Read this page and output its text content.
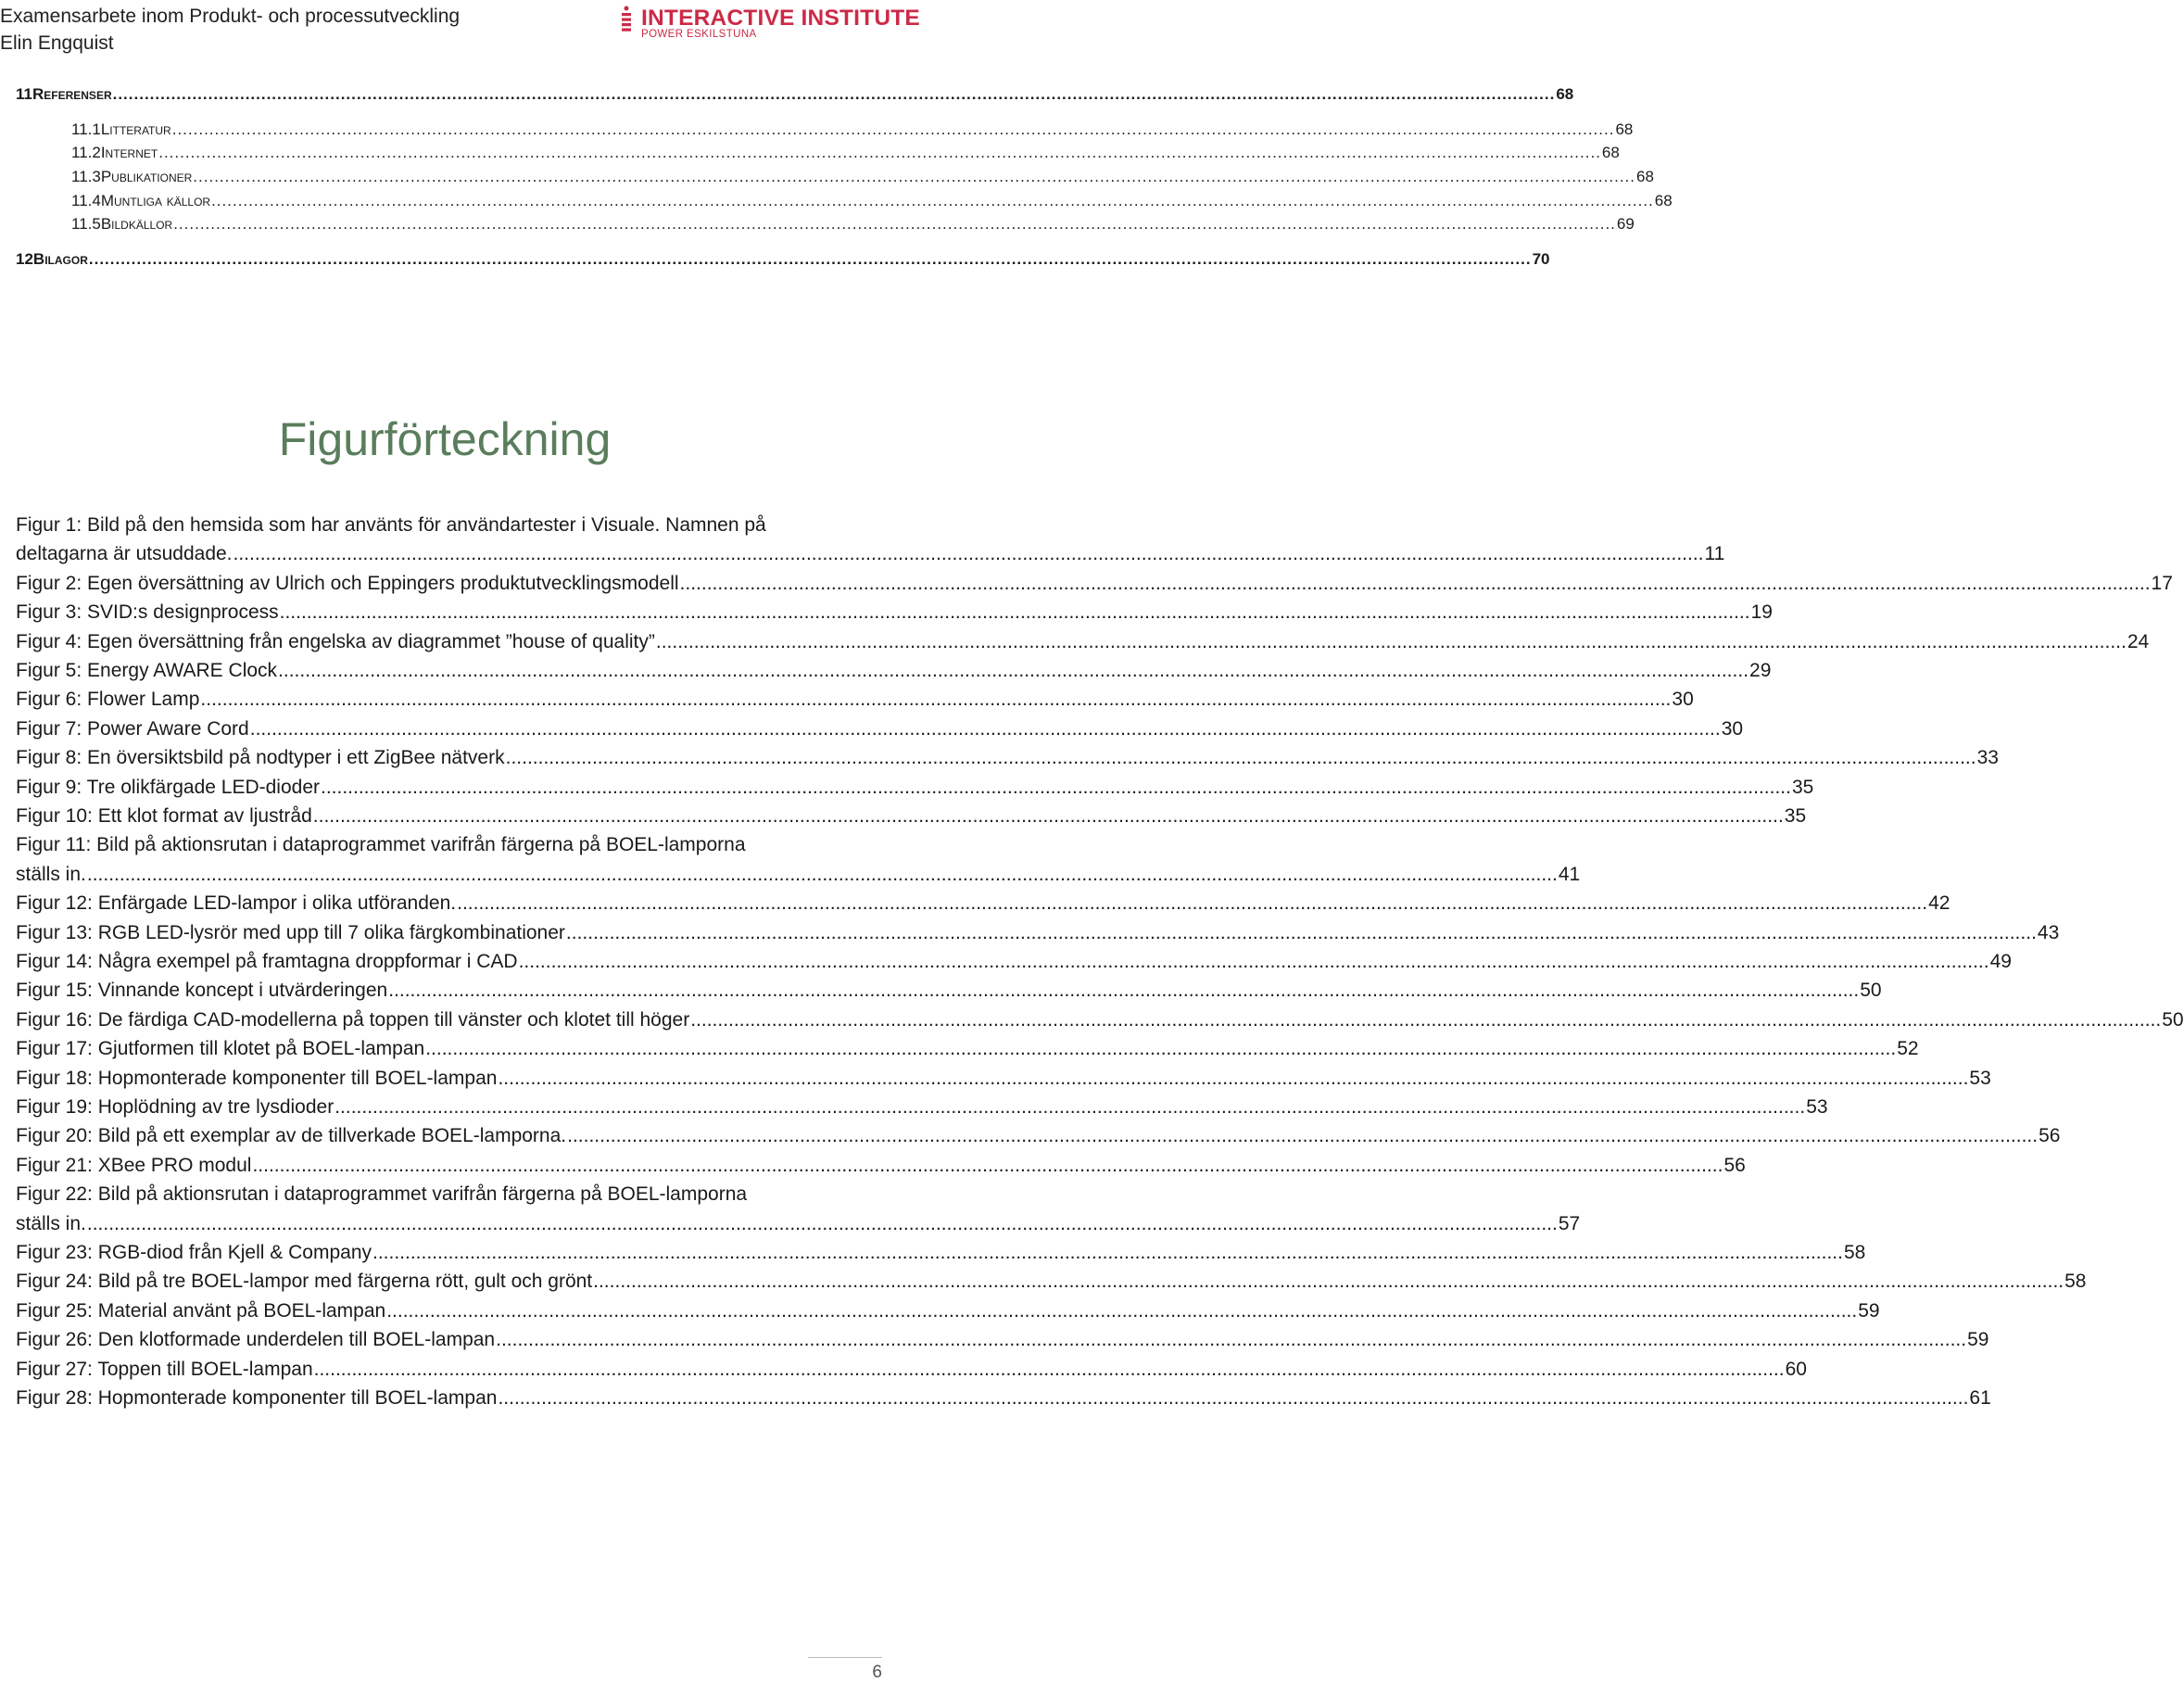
Examensarbete inom Produkt- och processutveckling
Elin Engquist
INTERACTIVE INSTITUTE
POWER ESKILSTUNA
11 Referenser .....	68
11.1 Litteratur .....	68
11.2 Internet .....	68
11.3 Publikationer .....	68
11.4 Muntliga källor .....	68
11.5 Bildkällor .....	69
12 Bilagor .....	70
Figurförteckning
Figur 1: Bild på den hemsida som har använts för användartester i Visuale. Namnen på
deltagarna är utsuddade. .....	11
Figur 2: Egen översättning av Ulrich och Eppingers produktutvecklingsmodell .....	17
Figur 3: SVID:s designprocess .....	19
Figur 4: Egen översättning från engelska av diagrammet ”house of quality” .....	24
Figur 5: Energy AWARE Clock .....	29
Figur 6: Flower Lamp .....	30
Figur 7: Power Aware Cord .....	30
Figur 8: En översiktsbild på nodtyper i ett ZigBee nätverk .....	33
Figur 9: Tre olikfärgade LED-dioder .....	35
Figur 10: Ett klot format av ljustråd .....	35
Figur 11: Bild på aktionsrutan i dataprogrammet varifrån färgerna på BOEL-lamporna
ställs in. .....	41
Figur 12: Enfärgade LED-lampor i olika utföranden. .....	42
Figur 13: RGB LED-lysrör med upp till 7 olika färgkombinationer .....	43
Figur 14: Några exempel på framtagna droppformar i CAD .....	49
Figur 15: Vinnande koncept i utvärderingen .....	50
Figur 16: De färdiga CAD-modellerna på toppen till vänster och klotet till höger .....	50
Figur 17: Gjutformen till klotet på BOEL-lampan .....	52
Figur 18: Hopmonterade komponenter till BOEL-lampan .....	53
Figur 19: Hoplödning av tre lysdioder .....	53
Figur 20: Bild på ett exemplar av de tillverkade BOEL-lamporna. .....	56
Figur 21: XBee PRO modul .....	56
Figur 22: Bild på aktionsrutan i dataprogrammet varifrån färgerna på BOEL-lamporna
ställs in. .....	57
Figur 23: RGB-diod från Kjell & Company .....	58
Figur 24: Bild på tre BOEL-lampor med färgerna rött, gult och grönt .....	58
Figur 25: Material använt på BOEL-lampan .....	59
Figur 26: Den klotformade underdelen till BOEL-lampan .....	59
Figur 27: Toppen till BOEL-lampan .....	60
Figur 28: Hopmonterade komponenter till BOEL-lampan .....	61
6
